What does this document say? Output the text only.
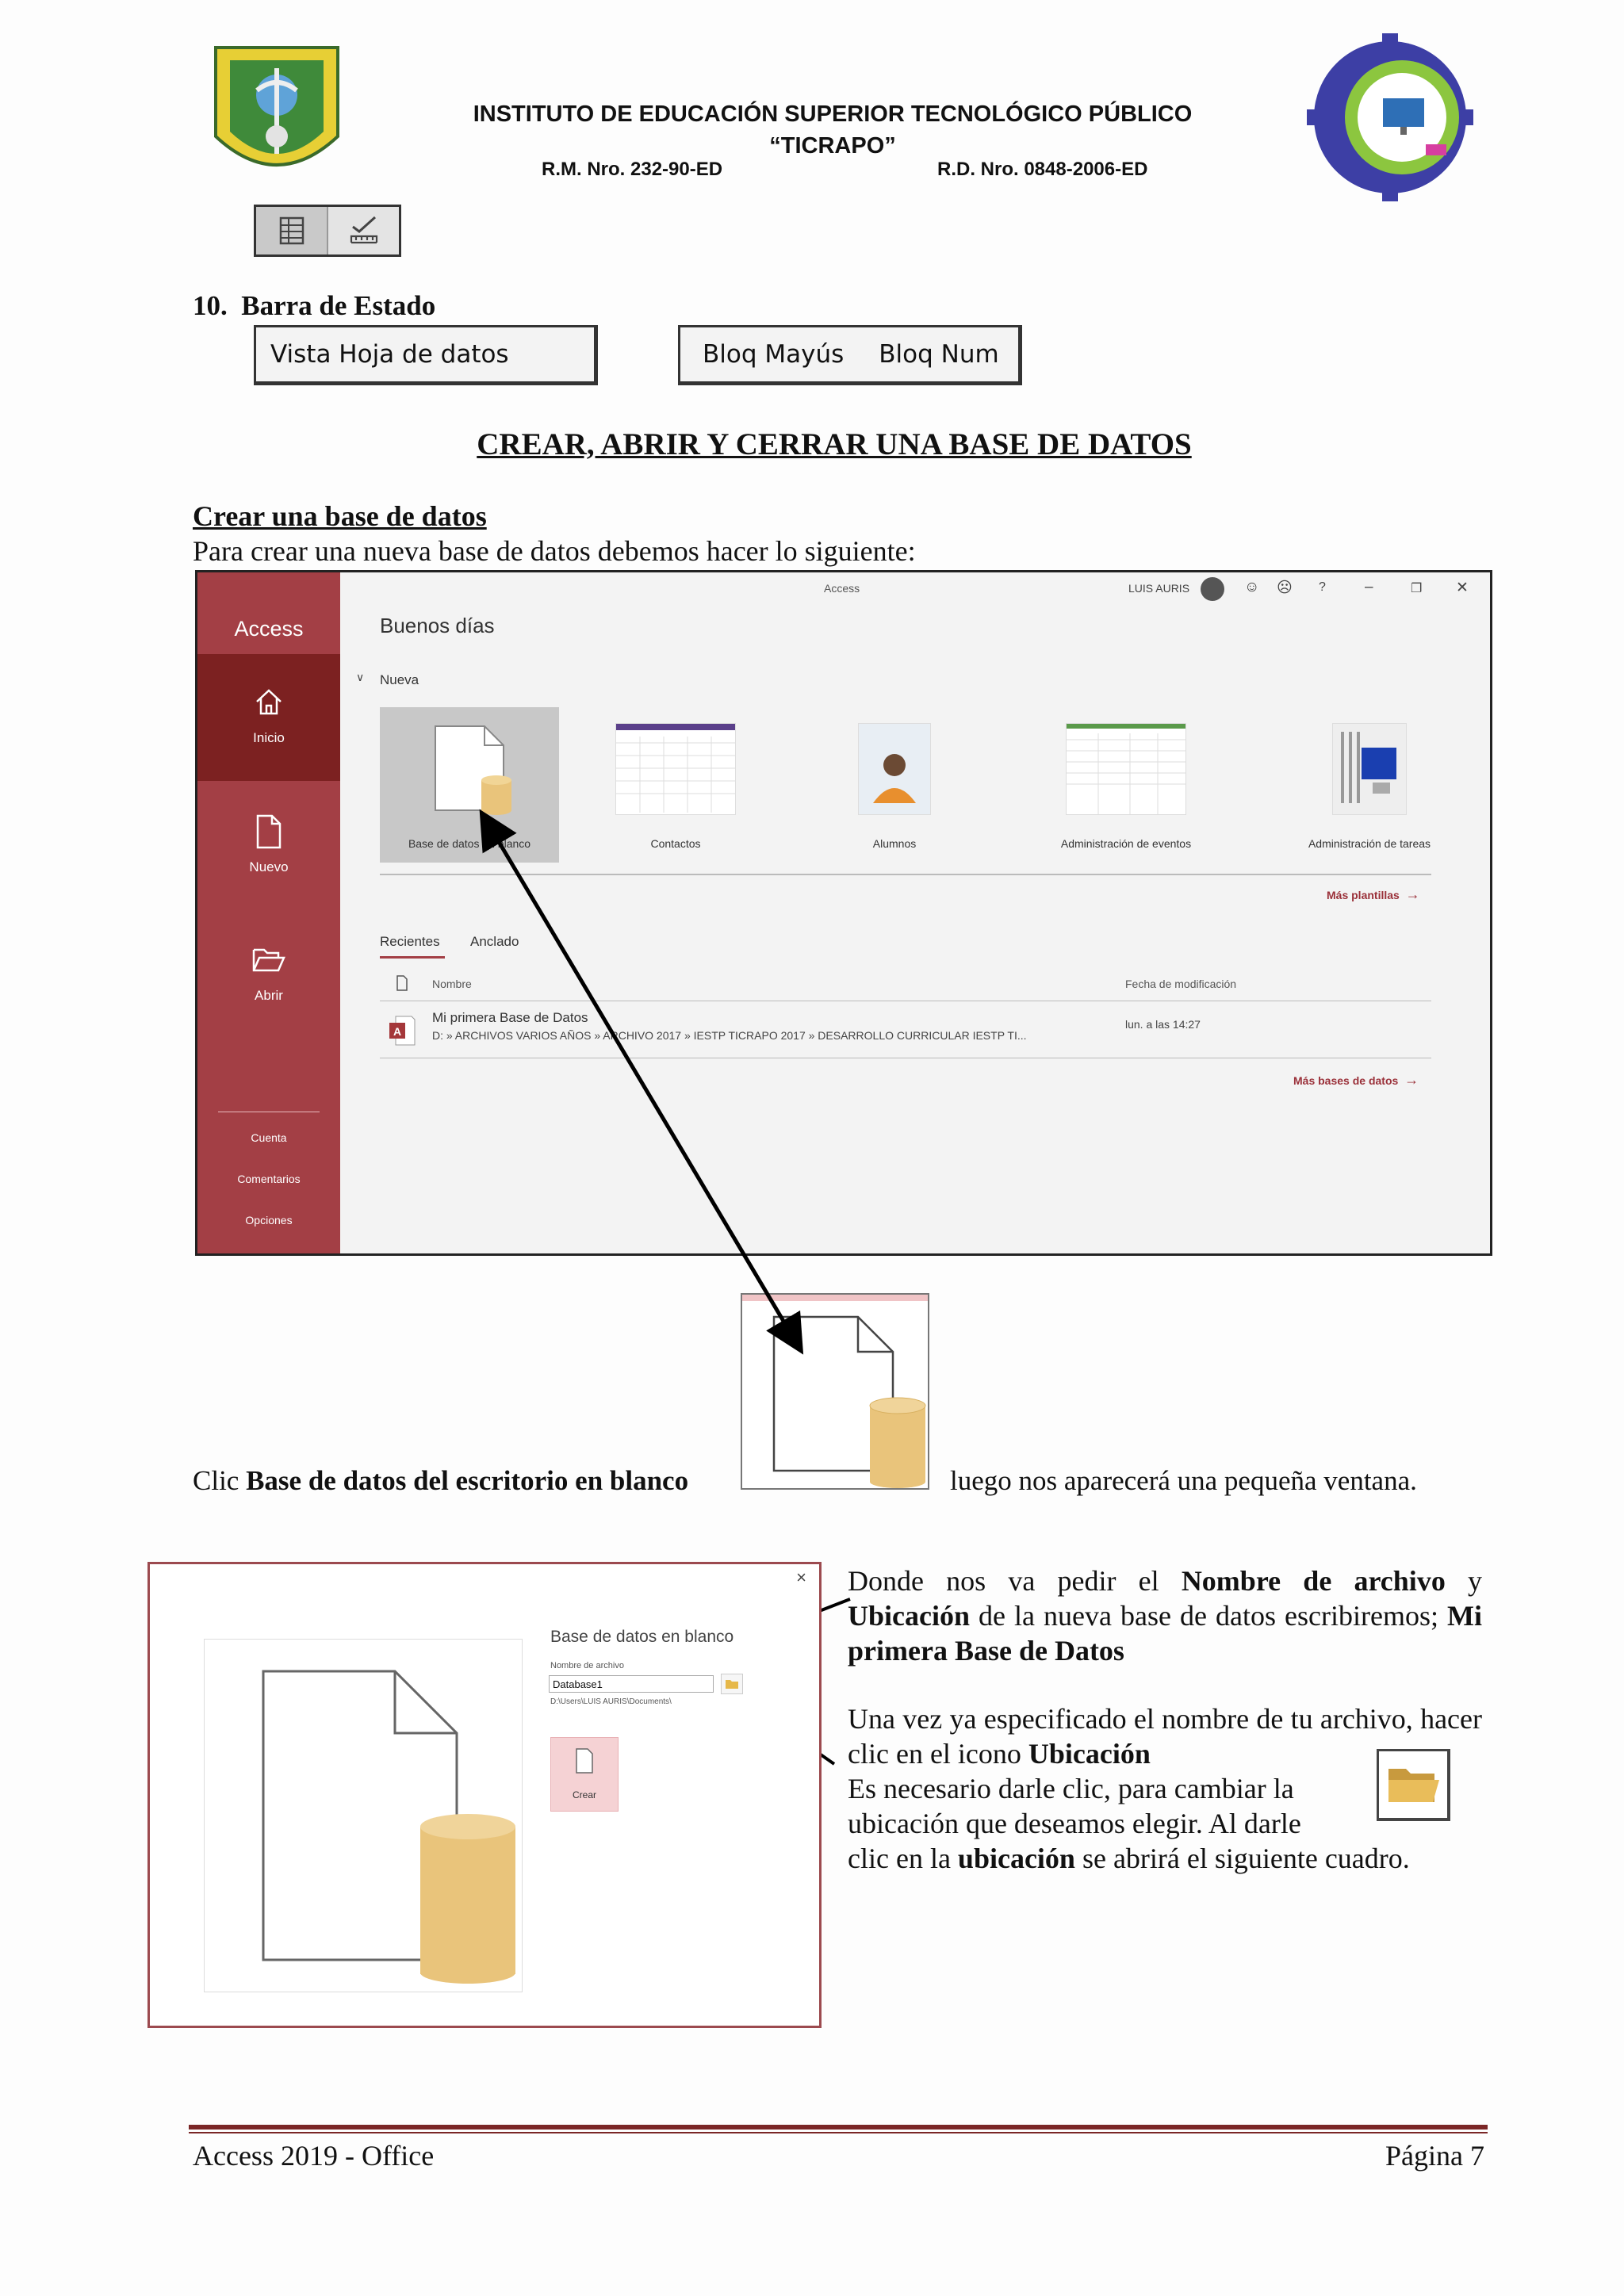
INSTITUTO DE EDUCACIÓN SUPERIOR TECNOLÓGICO PÚBLICO
“TICRAPO”
R.M. Nro. 232-90-ED	R.D. Nro. 0848-2006-ED
10. Barra de Estado
Vista Hoja de datos	Bloq Mayús Bloq Num
CREAR, ABRIR Y CERRAR UNA BASE DE DATOS
Crear una base de datos
Para crear una nueva base de datos debemos hacer lo siguiente:
Access
Inicio
Nuevo
Abrir
Cuenta
Comentarios
Opciones
Access	LUIS AURIS	☺ ☹ ?	–	❐ ✕
Buenos días
∨ Nueva
Base de datos en blanco	Contactos	Alumnos	Administración de eventos	Administración de tareas
Más plantillas →
Recientes Anclado
Nombre	Fecha de modificación
A
Mi primera Base de Datos
D: » ARCHIVOS VARIOS AÑOS » ARCHIVO 2017 » IESTP TICRAPO 2017 » DESARROLLO CURRICULAR IESTP TI...
lun. a las 14:27
Más bases de datos →
Clic Base de datos del escritorio en blanco	luego nos aparecerá una pequeña ventana.
×
Base de datos en blanco
Nombre de archivo
Database1
D:\Users\LUIS AURIS\Documents\
Crear
Donde nos va pedir el Nombre de archivo y Ubicación de la nueva base de datos escribiremos; Mi primera Base de Datos
Una vez ya especificado el nombre de tu archivo, hacer clic en el icono Ubicación
Es necesario darle clic, para cambiar la
ubicación que deseamos elegir. Al darle
clic en la ubicación se abrirá el siguiente cuadro.
Access 2019 - Office	Página 7
